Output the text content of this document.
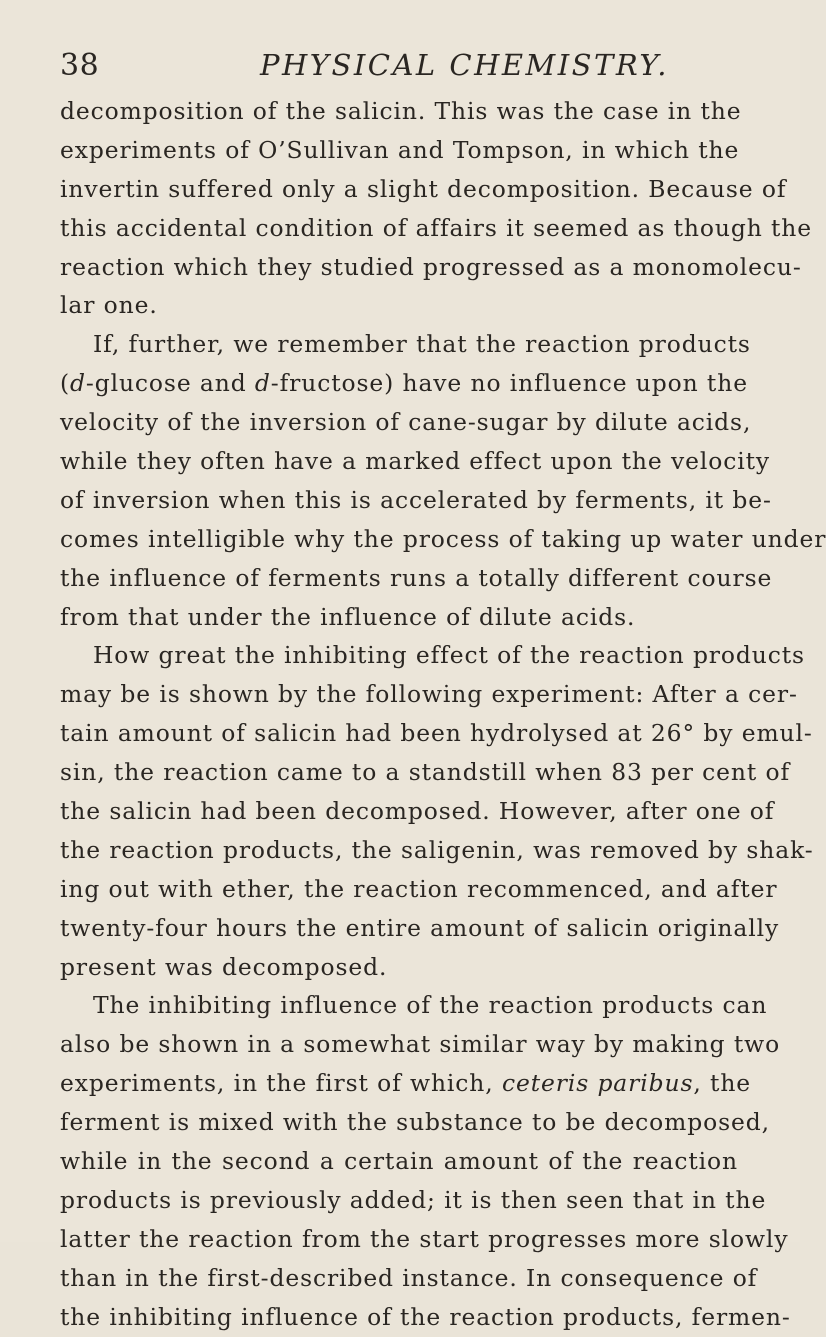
38	PHYSICAL CHEMISTRY.
decomposition of the salicin. This was the case in the
experiments of O’Sullivan and Tompson, in which the
invertin suffered only a slight decomposition. Because of
this accidental condition of affairs it seemed as though the
reaction which they studied progressed as a monomolecu-
lar one.
If, further, we remember that the reaction products
(d-glucose and d-fructose) have no influence upon the
velocity of the inversion of cane-sugar by dilute acids,
while they often have a marked effect upon the velocity
of inversion when this is accelerated by ferments, it be-
comes intelligible why the process of taking up water under
the influence of ferments runs a totally different course
from that under the influence of dilute acids.
How great the inhibiting effect of the reaction products
may be is shown by the following experiment: After a cer-
tain amount of salicin had been hydrolysed at 26° by emul-
sin, the reaction came to a standstill when 83 per cent of
the salicin had been decomposed. However, after one of
the reaction products, the saligenin, was removed by shak-
ing out with ether, the reaction recommenced, and after
twenty-four hours the entire amount of salicin originally
present was decomposed.
The inhibiting influence of the reaction products can
also be shown in a somewhat similar way by making two
experiments, in the first of which, ceteris paribus, the
ferment is mixed with the substance to be decomposed,
while in the second a certain amount of the reaction
products is previously added; it is then seen that in the
latter the reaction from the start progresses more slowly
than in the first-described instance. In consequence of
the inhibiting influence of the reaction products, fermen-
